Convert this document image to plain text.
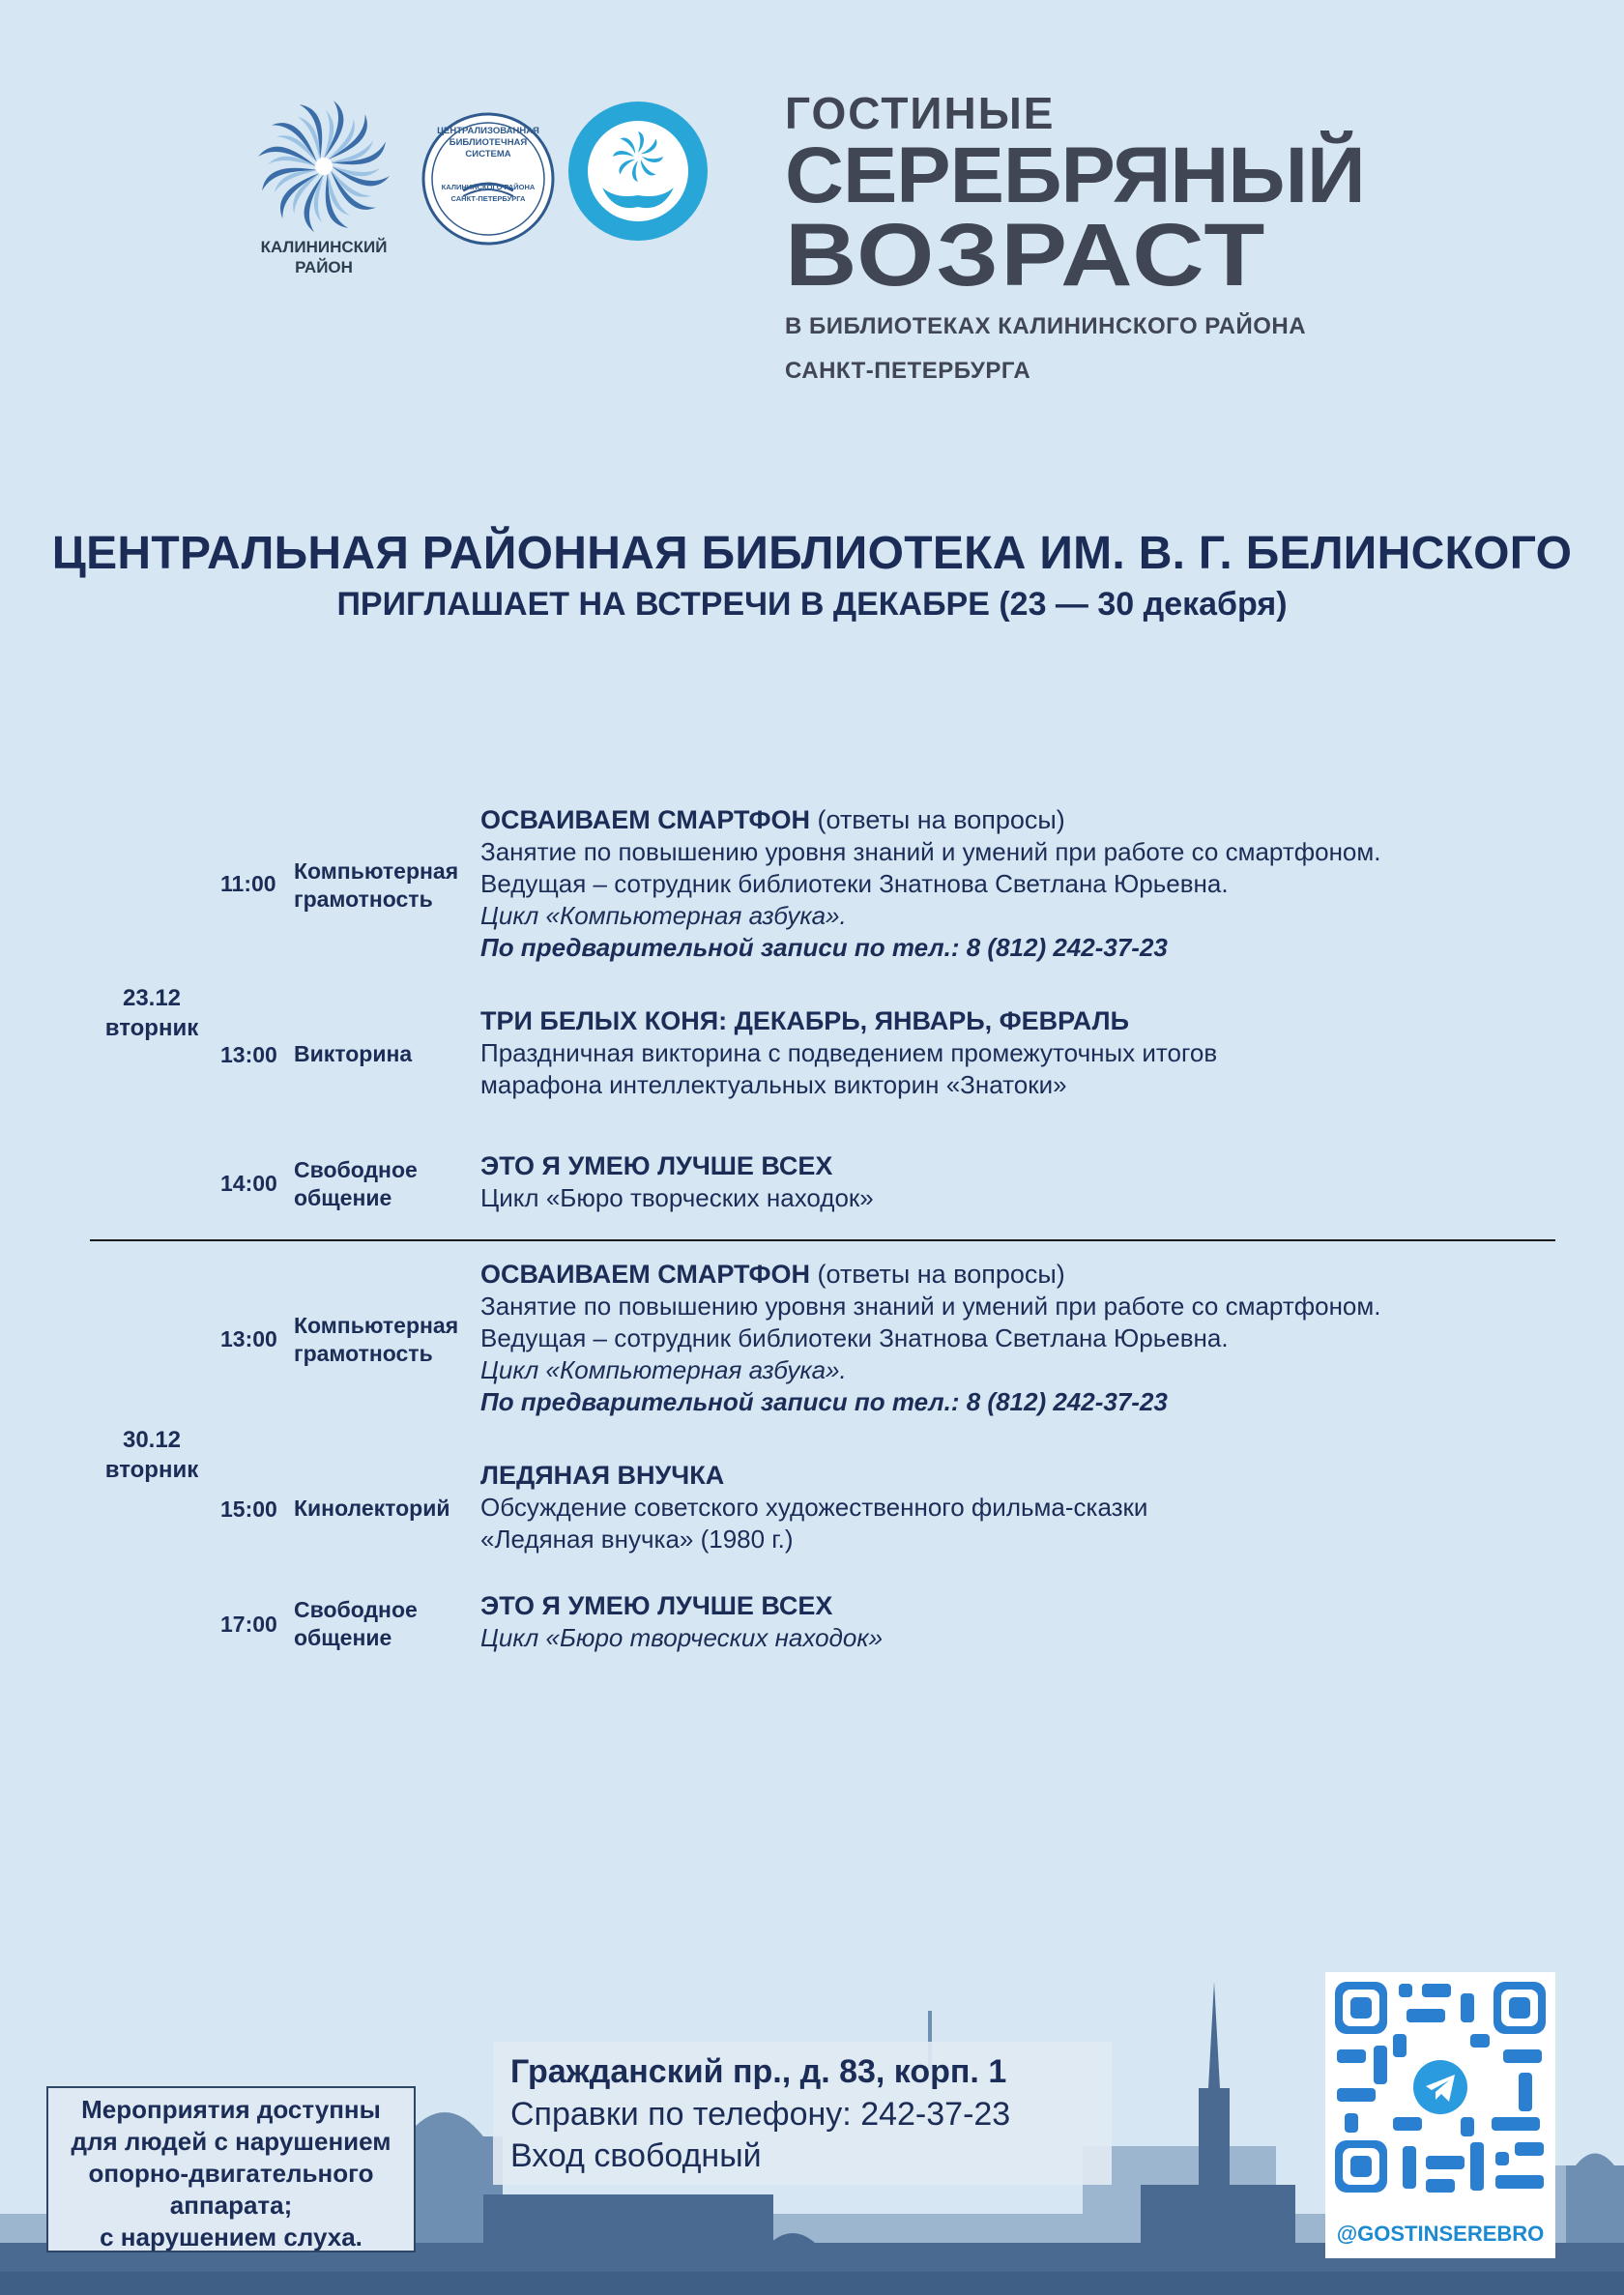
КАЛИНИНСКИЙ
РАЙОН
ЦЕНТРАЛИЗОВАННАЯ
БИБЛИОТЕЧНАЯ
СИСТЕМА
КАЛИНИНСКОГО РАЙОНА
САНКТ-ПЕТЕРБУРГА
ГОСТИНЫЕ
СЕРЕБРЯНЫЙ
ВОЗРАСТ
В БИБЛИОТЕКАХ КАЛИНИНСКОГО РАЙОНА
САНКТ-ПЕТЕРБУРГА
ЦЕНТРАЛЬНАЯ РАЙОННАЯ БИБЛИОТЕКА ИМ. В. Г. БЕЛИНСКОГО
ПРИГЛАШАЕТ НА ВСТРЕЧИ В ДЕКАБРЕ (23 — 30 декабря)
23.12
вторник
11:00 Компьютерная
грамотность
ОСВАИВАЕМ СМАРТФОН (ответы на вопросы)
Занятие по повышению уровня знаний и умений при работе со смартфоном.
Ведущая – сотрудник библиотеки Знатнова Светлана Юрьевна.
Цикл «Компьютерная азбука».
По предварительной записи по тел.: 8 (812) 242-37-23
13:00 Викторина
ТРИ БЕЛЫХ КОНЯ: ДЕКАБРЬ, ЯНВАРЬ, ФЕВРАЛЬ
Праздничная викторина с подведением промежуточных итогов
марафона интеллектуальных викторин «Знатоки»
14:00
Свободное
общение
ЭТО Я УМЕЮ ЛУЧШЕ ВСЕХ
Цикл «Бюро творческих находок»
30.12
вторник
13:00
Компьютерная
грамотность
ОСВАИВАЕМ СМАРТФОН (ответы на вопросы)
Занятие по повышению уровня знаний и умений при работе со смартфоном.
Ведущая – сотрудник библиотеки Знатнова Светлана Юрьевна.
Цикл «Компьютерная азбука».
По предварительной записи по тел.: 8 (812) 242-37-23
15:00 Кинолекторий
ЛЕДЯНАЯ ВНУЧКА
Обсуждение советского художественного фильма-сказки
«Ледяная внучка» (1980 г.)
17:00
Свободное
общение
ЭТО Я УМЕЮ ЛУЧШЕ ВСЕХ
Цикл «Бюро творческих находок»
Мероприятия доступны
для людей с нарушением
опорно-двигательного
аппарата;
с нарушением слуха.
Гражданский пр., д. 83, корп. 1
Справки по телефону: 242-37-23
Вход свободный
@GOSTINSEREBRO
